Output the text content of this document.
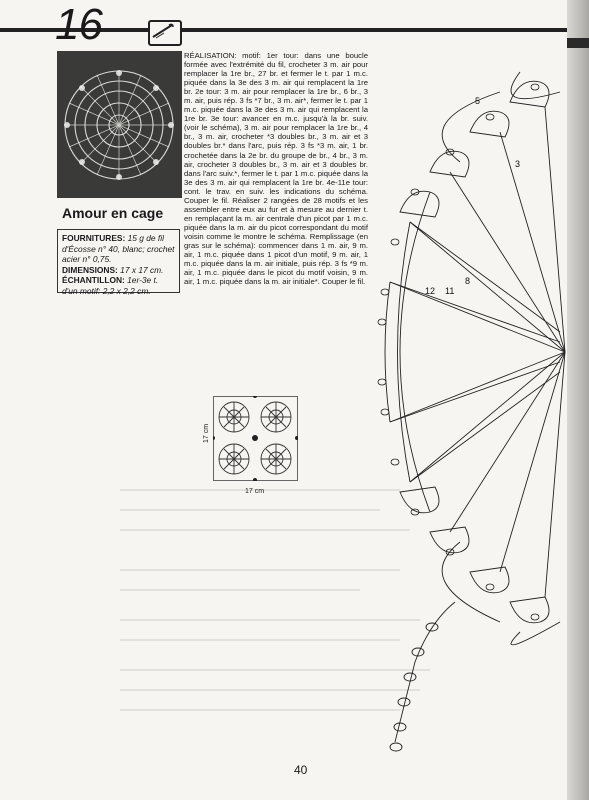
16
Amour en cage
FOURNITURES: 15 g de fil d'Écosse n° 40, blanc; crochet acier n° 0,75.
DIMENSIONS: 17 x 17 cm.
ÉCHANTILLON: 1er-3e t. d'un motif: 2,2 x 2,2 cm.
RÉALISATION: motif: 1er tour: dans une boucle formée avec l'extrémité du fil, crocheter 3 m. air pour remplacer la 1re br., 27 br. et fermer le t. par 1 m.c. piquée dans la 3e des 3 m. air qui remplacent la 1re br. 2e tour: 3 m. air pour remplacer la 1re br., 6 br., 3 m. air, puis rép. 3 fs *7 br., 3 m. air*, fermer le t. par 1 m.c. piquée dans la 3e des 3 m. air qui remplacent la 1re br. 3e tour: avancer en m.c. jusqu'à la br. suiv. (voir le schéma), 3 m. air pour remplacer la 1re br., 4 br., 3 m. air, crocheter *3 doubles br., 3 m. air et 3 doubles br.* dans l'arc, puis rép. 3 fs *3 m. air, 1 br. crochetée dans la 2e br. du groupe de br., 4 br., 3 m. air, crocheter 3 doubles br., 3 m. air et 3 doubles br. dans l'arc suiv.*, fermer le t. par 1 m.c. piquée dans la 3e des 3 m. air qui remplacent la 1re br. 4e-11e tour: cont. le trav. en suiv. les indications du schéma. Couper le fil. Réaliser 2 rangées de 28 motifs et les assembler entre eux au fur et à mesure au dernier t. en remplaçant la m. air centrale d'un picot par 1 m.c. piquée dans la m. air du picot correspondant du motif voisin comme le montre le schéma. Remplissage (en gras sur le schéma): commencer dans 1 m. air, 9 m. air, 1 m.c. piquée dans 1 picot d'un motif, 9 m. air, 1 m.c. piquée dans la m. air initiale, puis rép. 3 fs *9 m. air, 1 m.c. piquée dans le picot du motif voisin, 9 m. air, 1 m.c. piquée dans la m. air initiale*. Couper le fil.
17 cm
17 cm
5
3
8
12 11
40
